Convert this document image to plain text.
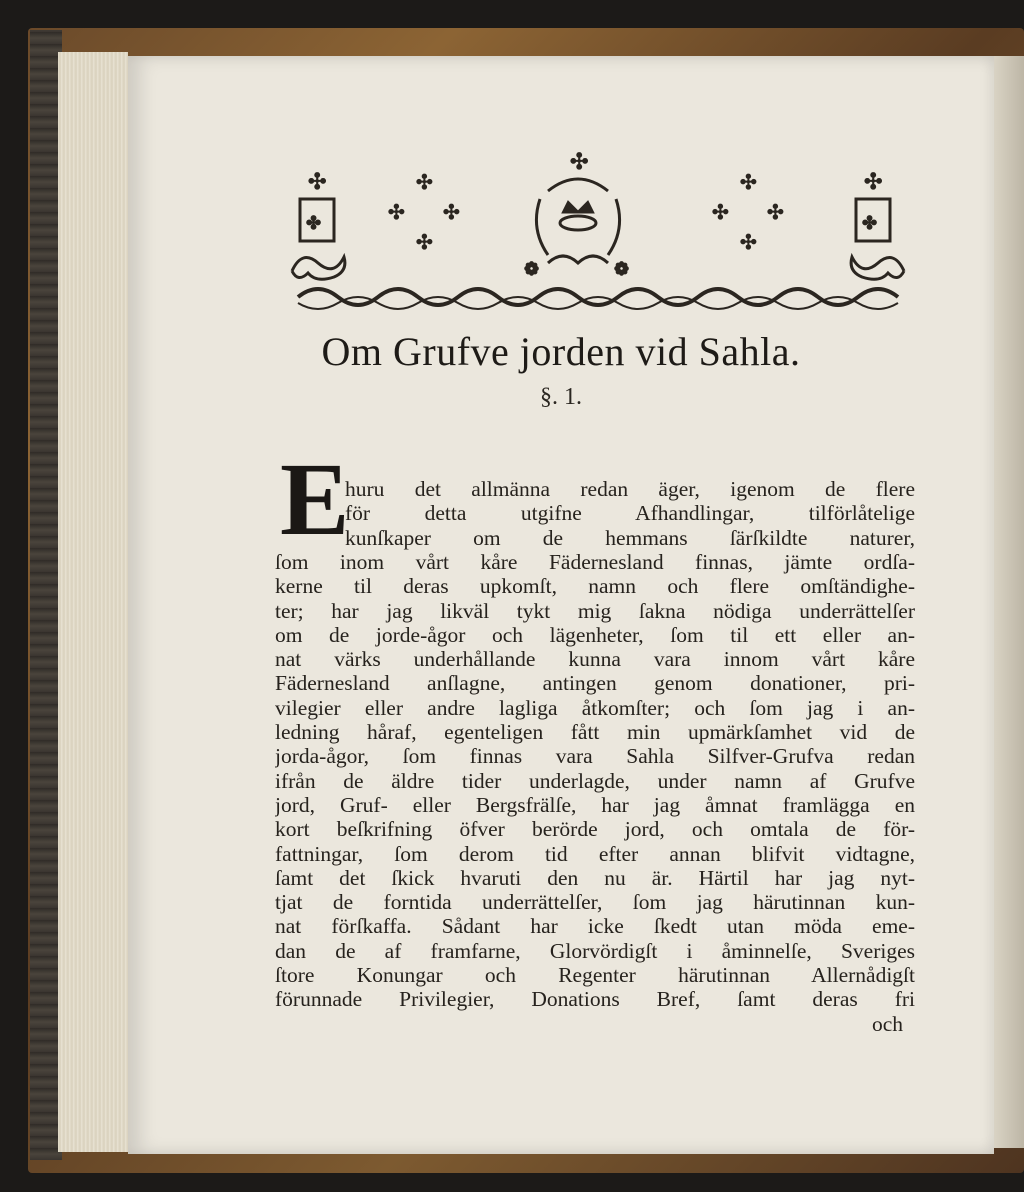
✣
✤
✣
✣ ✣
✣
✣
❁	❁
✣
✣ ✣
✣
✣
✤
Om Grufve jorden vid Sahla.
§. 1.
E
huru det allmänna redan äger, igenom de flere
för detta utgifne Afhandlingar, tilförlåtelige
kunſkaper om de hemmans ſärſkildte naturer,
ſom inom vårt kåre Fädernesland finnas, jämte ordſa-
kerne til deras upkomſt, namn och flere omſtändighe-
ter; har jag likväl tykt mig ſakna nödiga underrättelſer
om de jorde-ågor och lägenheter, ſom til ett eller an-
nat värks underhållande kunna vara innom vårt kåre
Fädernesland anſlagne, antingen genom donationer, pri-
vilegier eller andre lagliga åtkomſter; och ſom jag i an-
ledning håraf, egenteligen fått min upmärkſamhet vid de
jorda-ågor, ſom finnas vara Sahla Silfver-Grufva redan
ifrån de äldre tider underlagde, under namn af Grufve
jord, Gruf- eller Bergsfrälſe, har jag åmnat framlägga en
kort beſkrifning öfver berörde jord, och omtala de för-
fattningar, ſom derom tid efter annan blifvit vidtagne,
ſamt det ſkick hvaruti den nu är. Härtil har jag nyt-
tjat de forntida underrättelſer, ſom jag härutinnan kun-
nat förſkaffa. Sådant har icke ſkedt utan möda eme-
dan de af framfarne, Glorvördigſt i åminnelſe, Sveriges
ſtore Konungar och Regenter härutinnan Allernådigſt
förunnade Privilegier, Donations Bref, ſamt deras fri
och
